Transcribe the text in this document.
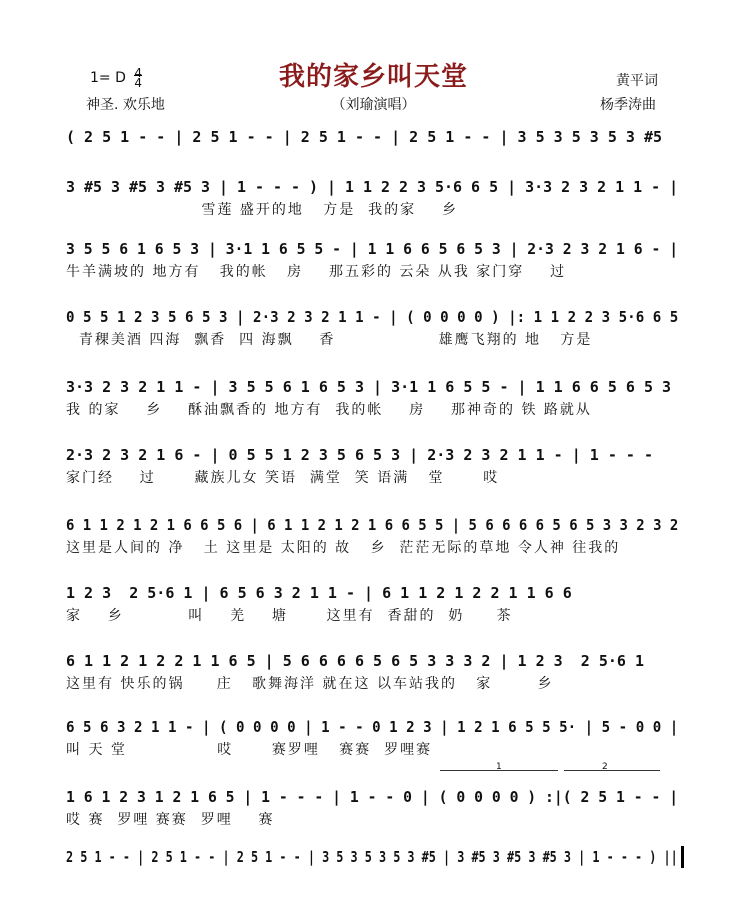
1= D 4
4
神圣. 欢乐地
我的家乡叫天堂
（刘瑜演唱）
黄平词
杨季涛曲
( 2 5 1 - - | 2 5 1 - - | 2 5 1 - - | 2 5 1 - - | 3 5 3 5 3 5 3 #5
3 #5 3 #5 3 #5 3 | 1 - - - ) | 1 1 2 2 3 5·6 6 5 | 3·3 2 3 2 1 1 - |
雪莲 盛开的地   方是  我的家    乡
3 5 5 6 1 6 5 3 | 3·1 1 6 5 5 - | 1 1 6 6 5 6 5 3 | 2·3 2 3 2 1 6 - |
牛羊满坡的 地方有   我的帐   房    那五彩的 云朵 从我 家门穿    过
0 5 5 1 2 3 5 6 5 3 | 2·3 2 3 2 1 1 - | ( 0 0 0 0 ) |: 1 1 2 2 3 5·6 6 5
青稞美酒 四海  飘香  四 海飘    香                雄鹰飞翔的 地   方是
3·3 2 3 2 1 1 - | 3 5 5 6 1 6 5 3 | 3·1 1 6 5 5 - | 1 1 6 6 5 6 5 3
我 的家    乡    酥油飘香的 地方有  我的帐    房    那神奇的 铁 路就从
2·3 2 3 2 1 6 - | 0 5 5 1 2 3 5 6 5 3 | 2·3 2 3 2 1 1 - | 1 - - -
家门经    过      藏族儿女 笑语  满堂  笑 语满   堂      哎
6 1 1 2 1 2 1 6 6 5 6 | 6 1 1 2 1 2 1 6 6 5 5 | 5 6 6 6 6 5 6 5 3 3 2 3 2
这里是人间的 净   土 这里是 太阳的 故   乡  茫茫无际的草地 令人神 往我的
1 2 3  2 5·6 1 | 6 5 6 3 2 1 1 - | 6 1 1 2 1 2 2 1 1 6 6
家    乡          叫    羌    塘      这里有  香甜的  奶     茶
6 1 1 2 1 2 2 1 1 6 5 | 5 6 6 6 6 5 6 5 3 3 3 2 | 1 2 3  2 5·6 1
这里有 快乐的锅     庄   歌舞海洋 就在这 以车站我的   家       乡
6 5 6 3 2 1 1 - | ( 0 0 0 0 | 1 - - 0 1 2 3 | 1 2 1 6 5 5 5· | 5 - 0 0 |
叫 天 堂              哎      赛罗哩   赛赛  罗哩赛
1 6 1 2 3 1 2 1 6 5 | 1 - - - | 1 - - 0 | ( 0 0 0 0 ) :|( 2 5 1 - - |
哎 赛  罗哩 赛赛  罗哩    赛
2 5 1 - - | 2 5 1 - - | 2 5 1 - - | 3 5 3 5 3 5 3 #5 | 3 #5 3 #5 3 #5 3 | 1 - - - ) ||
1	2
